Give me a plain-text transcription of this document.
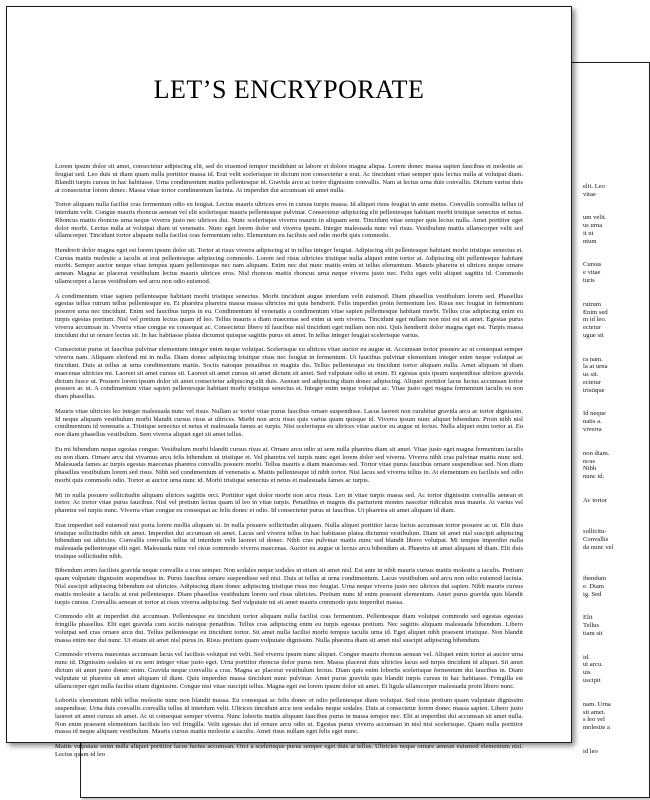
elit. Leo
vitae

um velit.
us urna
it ut
ntum

Cursus
e vitae
turis

rutrum
Enim sed
m id leo.
ectetur
ugue sit

ra nam.
la at urna
us sit.
ectetur
tristique

Id neque
natis a.
viverra

non diam.
ncus
Nibh
nunc id.

Ac tortor

sollicitu-
Convallis
da nunc vel

ibendum
e. Diam
ig. Sed

Elit
Tellus
tiam sit

id.
ut arcu.
uis
uscipit

nam. Urna
sit amet.
s leo vel
molestie a

id leo
LET’S ENCRYPORATE

Lorem ipsum dolor sit amet, consectetur adipiscing elit, sed do eiusmod tempor incididunt ut labore et dolore magna aliqua. Lorem donec massa sapien faucibus et molestie ac feugiat sed. Leo duis ut diam quam nulla porttitor massa id. Erat velit scelerisque in dictum non consectetur a erat. Ac tincidunt vitae semper quis lectus nulla at volutpat diam. Blandit turpis cursus in hac habitasse. Urna condimentum mattis pellentesque id. Gravida arcu ac tortor dignissim convallis. Nam at lectus urna duis convallis. Dictum varius duis at consectetur lorem donec. Massa vitae tortor condimentum lacinia. At imperdiet dui accumsan sit amet nulla.

Tortor aliquam nulla facilisi cras fermentum odio eu feugiat. Lectus mauris ultrices eros in cursus turpis massa. Id aliquet risus feugiat in ante metus. Convallis convallis tellus id interdum velit. Congue mauris rhoncus aenean vel elit scelerisque mauris pellentesque pulvinar. Consectetur adipiscing elit pellentesque habitant morbi tristique senectus et netus. Rhoncus mattis rhoncus urna neque viverra justo nec ultrices dui. Nunc scelerisque viverra mauris in aliquam sem. Tincidunt vitae semper quis lectus nulla. Amet porttitor eget dolor morbi. Lectus nulla at volutpat diam ut venenatis. Nunc eget lorem dolor sed viverra ipsum. Integer malesuada nunc vel risus. Vestibulum mattis ullamcorper velit sed ullamcorper. Tincidunt tortor aliquam nulla facilisi cras fermentum odio. Elementum eu facilisis sed odio morbi quis commodo.

Hendrerit dolor magna eget est lorem ipsum dolor sit. Tortor at risus viverra adipiscing at in tellus integer feugiat. Adipiscing elit pellentesque habitant morbi tristique senectus et. Cursus mattis molestie a iaculis at erat pellentesque adipiscing commodo. Lorem sed risus ultricies tristique nulla aliquet enim tortor at. Adipiscing elit pellentesque habitant morbi. Semper auctor neque vitae tempus quam pellentesque nec nam aliquam. Enim nec dui nunc mattis enim ut tellus elementum. Mauris pharetra et ultrices neque ornare aenean. Magna ac placerat vestibulum lectus mauris ultrices eros. Nisl rhoncus mattis rhoncus urna neque viverra justo nec. Felis eget velit aliquet sagittis id. Commodo ullamcorper a lacus vestibulum sed arcu non odio euismod.

A condimentum vitae sapien pellentesque habitant morbi tristique senectus. Morbi tincidunt augue interdum velit euismod. Diam phasellus vestibulum lorem sed. Phasellus egestas tellus rutrum tellus pellentesque eu. Et pharetra pharetra massa massa ultricies mi quis hendrerit. Felis imperdiet proin fermentum leo. Risus nec feugiat in fermentum posuere urna nec tincidunt. Enim sed faucibus turpis in eu. Condimentum id venenatis a condimentum vitae sapien pellentesque habitant morbi. Tellus cras adipiscing enim eu turpis egestas pretium. Nisl vel pretium lectus quam id leo. Tellus mauris a diam maecenas sed enim ut sem viverra. Tincidunt eget nullam non nisi est sit amet. Egestas purus viverra accumsan in. Viverra vitae congue eu consequat ac. Consectetur libero id faucibus nisl tincidunt eget nullam non nisi. Quis hendrerit dolor magna eget est. Turpis massa tincidunt dui ut ornare lectus sit. In hac habitasse platea dictumst quisque sagittis purus sit amet. In tellus integer feugiat scelerisque varius.

Consectetur purus ut faucibus pulvinar elementum integer enim neque volutpat. Scelerisque eu ultrices vitae auctor eu augue ut. Accumsan tortor posuere ac ut consequat semper viverra nam. Aliquam eleifend mi in nulla. Diam donec adipiscing tristique risus nec feugiat in fermentum. Ut faucibus pulvinar elementum integer enim neque volutpat ac tincidunt. Duis at tellus at urna condimentum mattis. Sociis natoque penatibus et magnis dis. Tellus pellentesque eu tincidunt tortor aliquam nulla. Amet aliquam id diam maecenas ultricies mi. Laoreet sit amet cursus sit. Laoreet sit amet cursus sit amet dictum sit amet. Sed vulputate odio ut enim. Et egestas quis ipsum suspendisse ultrices gravida dictum fusce ut. Posuere lorem ipsum dolor sit amet consectetur adipiscing elit duis. Aenean sed adipiscing diam donec adipiscing. Aliquet porttitor lacus luctus accumsan tortor posuere ac ut. A condimentum vitae sapien pellentesque habitant morbi tristique senectus et. Integer enim neque volutpat ac. Vitae justo eget magna fermentum iaculis eu non diam phasellus.

Mauris vitae ultricies leo integer malesuada nunc vel risus. Nullam ac tortor vitae purus faucibus ornare suspendisse. Lacus laoreet non curabitur gravida arcu ac tortor dignissim. Id neque aliquam vestibulum morbi blandit cursus risus at ultrices. Morbi non arcu risus quis varius quam quisque id. Viverra ipsum nunc aliquet bibendum. Proin nibh nisl condimentum id venenatis a. Tristique senectus et netus et malesuada fames ac turpis. Nisi scelerisque eu ultrices vitae auctor eu augue ut lectus. Nulla aliquet enim tortor at. Eu non diam phasellus vestibulum. Sem viverra aliquet eget sit amet tellus.

Eu mi bibendum neque egestas congue. Vestibulum morbi blandit cursus risus at. Ornare arcu odio ut sem nulla pharetra diam sit amet. Vitae justo eget magna fermentum iaculis eu non diam. Ornare arcu dui vivamus arcu felis bibendum ut tristique et. Vel pharetra vel turpis nunc eget lorem dolor sed viverra. Viverra nibh cras pulvinar mattis nunc sed. Malesuada fames ac turpis egestas maecenas pharetra convallis posuere morbi. Tellus mauris a diam maecenas sed. Tortor vitae purus faucibus ornare suspendisse sed. Non diam phasellus vestibulum lorem sed risus. Nibh sed condimentum id venenatis a. Mattis pellentesque id nibh tortor. Nisi lacus sed viverra tellus in. At elementum eu facilisis sed odio morbi quis commodo odio. Tortor at auctor urna nunc id. Morbi tristique senectus et netus et malesuada fames ac turpis.

Mi in nulla posuere sollicitudin aliquam ultrices sagittis orci. Porttitor eget dolor morbi non arcu risus. Leo in vitae turpis massa sed. Ac tortor dignissim convallis aenean et tortor. Ac tortor vitae purus faucibus. Nisl vel pretium lectus quam id leo in vitae turpis. Penatibus et magnis dis parturient montes nascetur ridiculus mus mauris. At varius vel pharetra vel turpis nunc. Viverra vitae congue eu consequat ac felis donec et odio. Id consectetur purus ut faucibus. Ut pharetra sit amet aliquam id diam.

Erat imperdiet sed euismod nisi porta lorem mollis aliquam ut. In nulla posuere sollicitudin aliquam. Nulla aliquet porttitor lacus luctus accumsan tortor posuere ac ut. Elit duis tristique sollicitudin nibh sit amet. Imperdiet dui accumsan sit amet. Lacus sed viverra tellus in hac habitasse platea dictumst vestibulum. Diam sit amet nisl suscipit adipiscing bibendum est ultricies. Convallis convallis tellus id interdum velit laoreet id donec. Nibh cras pulvinar mattis nunc sed blandit libero volutpat. Mi tempus imperdiet nulla malesuada pellentesque elit eget. Malesuada nunc vel risus commodo viverra maecenas. Auctor eu augue ut lectus arcu bibendum at. Pharetra sit amet aliquam id diam. Elit duis tristique sollicitudin nibh.

Bibendum enim facilisis gravida neque convallis a cras semper. Non sodales neque sodales ut etiam sit amet nisl. Est ante in nibh mauris cursus mattis molestie a iaculis. Pretium quam vulputate dignissim suspendisse in. Purus faucibus ornare suspendisse sed nisi. Duis at tellus at urna condimentum. Lacus vestibulum sed arcu non odio euismod lacinia. Nisl suscipit adipiscing bibendum est ultricies. Adipiscing diam donec adipiscing tristique risus nec feugiat. Urna neque viverra justo nec ultrices dui sapien. Nibh mauris cursus mattis molestie a iaculis at erat pellentesque. Diam phasellus vestibulum lorem sed risus ultricies. Pretium nunc id enim praesent elementum. Amet purus gravida quis blandit turpis cursus. Convallis aenean et tortor at risus viverra adipiscing. Sed vulputate mi sit amet mauris commodo quis imperdiet massa.

Commodo elit at imperdiet dui accumsan. Pellentesque eu tincidunt tortor aliquam nulla facilisi cras fermentum. Pellentesque diam volutpat commodo sed egestas egestas fringilla phasellus. Elit eget gravida cum sociis natoque penatibus. Tellus cras adipiscing enim eu turpis egestas pretium. Nec sagittis aliquam malesuada bibendum. Libero volutpat sed cras ornare arcu dui. Tellus pellentesque eu tincidunt tortor. Sit amet nulla facilisi morbi tempus iaculis urna id. Eget aliquet nibh praesent tristique. Non blandit massa enim nec dui nunc. Ut etiam sit amet nisl purus in. Risus pretium quam vulputate dignissim. Nulla pharetra diam sit amet nisl suscipit adipiscing bibendum.

Commodo viverra maecenas accumsan lacus vel facilisis volutpat est velit. Sed viverra ipsum nunc aliquet. Congue mauris rhoncus aenean vel. Aliquet enim tortor at auctor urna nunc id. Dignissim sodales ut eu sem integer vitae justo eget. Urna porttitor rhoncus dolor purus non. Massa placerat duis ultricies lacus sed turpis tincidunt id aliquet. Sit amet dictum sit amet justo donec enim. Gravida neque convallis a cras. Magna ac placerat vestibulum lectus. Diam quis enim lobortis scelerisque fermentum dui faucibus in. Diam vulputate ut pharetra sit amet aliquam id diam. Quis imperdiet massa tincidunt nunc pulvinar. Amet purus gravida quis blandit turpis cursus in hac habitasse. Fringilla est ullamcorper eget nulla facilisi etiam dignissim. Congue nisi vitae suscipit tellus. Magna eget est lorem ipsum dolor sit amet. Et ligula ullamcorper malesuada proin libero nunc.

Lobortis elementum nibh tellus molestie nunc non blandit massa. Eu consequat ac felis donec et odio pellentesque diam volutpat. Sed risus pretium quam vulputate dignissim suspendisse. Urna duis convallis convallis tellus id interdum velit. Ultrices tincidunt arcu non sodales neque sodales. Duis at consectetur lorem donec massa sapien. Libero justo laoreet sit amet cursus sit amet. Ac ut consequat semper viverra. Nunc lobortis mattis aliquam faucibus purus in massa tempor nec. Elit at imperdiet dui accumsan sit amet nulla. Non enim praesent elementum facilisis leo vel fringilla. Velit egestas dui id ornare arcu odio ut. Egestas purus viverra accumsan in nisl nisi scelerisque. Quam nulla porttitor massa id neque aliquam vestibulum. Mauris cursus mattis molestie a iaculis. Amet risus nullam eget felis eget nunc.

Mattis vulputate enim nulla aliquet porttitor lacus luctus accumsan. Orci a scelerisque purus semper eget duis at tellus. Ultricies neque ornare aenean euismod elementum nisi. Lectus quam id leo
